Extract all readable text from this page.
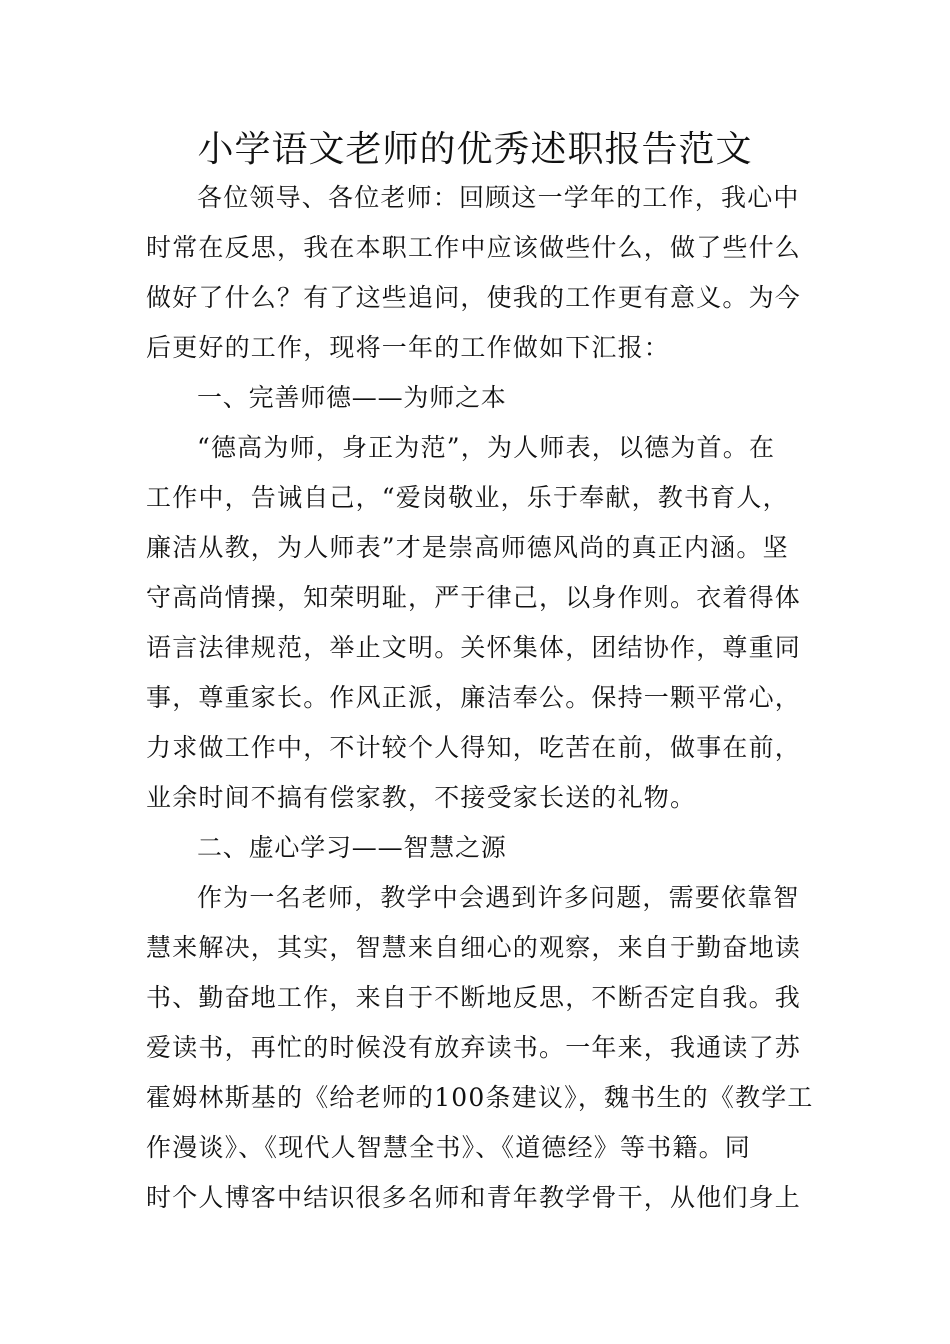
小学语文老师的优秀述职报告范文
各位领导、各位老师：回顾这一学年的工作，我心中
时常在反思，我在本职工作中应该做些什么，做了些什么
做好了什么？有了这些追问，使我的工作更有意义。为今
后更好的工作，现将一年的工作做如下汇报：
一、完善师德——为师之本
“德高为师，身正为范”，为人师表，以德为首。在
工作中，告诫自己，“爱岗敬业，乐于奉献，教书育人，
廉洁从教，为人师表”才是崇高师德风尚的真正内涵。坚
守高尚情操，知荣明耻，严于律己，以身作则。衣着得体
语言法律规范，举止文明。关怀集体，团结协作，尊重同
事，尊重家长。作风正派，廉洁奉公。保持一颗平常心，
力求做工作中，不计较个人得知，吃苦在前，做事在前，
业余时间不搞有偿家教，不接受家长送的礼物。
二、虚心学习——智慧之源
作为一名老师，教学中会遇到许多问题，需要依靠智
慧来解决，其实，智慧来自细心的观察，来自于勤奋地读
书、勤奋地工作，来自于不断地反思，不断否定自我。我
爱读书，再忙的时候没有放弃读书。一年来，我通读了苏
霍姆林斯基的《给老师的100条建议》，魏书生的《教学工
作漫谈》、《现代人智慧全书》、《道德经》等书籍。同
时个人博客中结识很多名师和青年教学骨干，从他们身上
